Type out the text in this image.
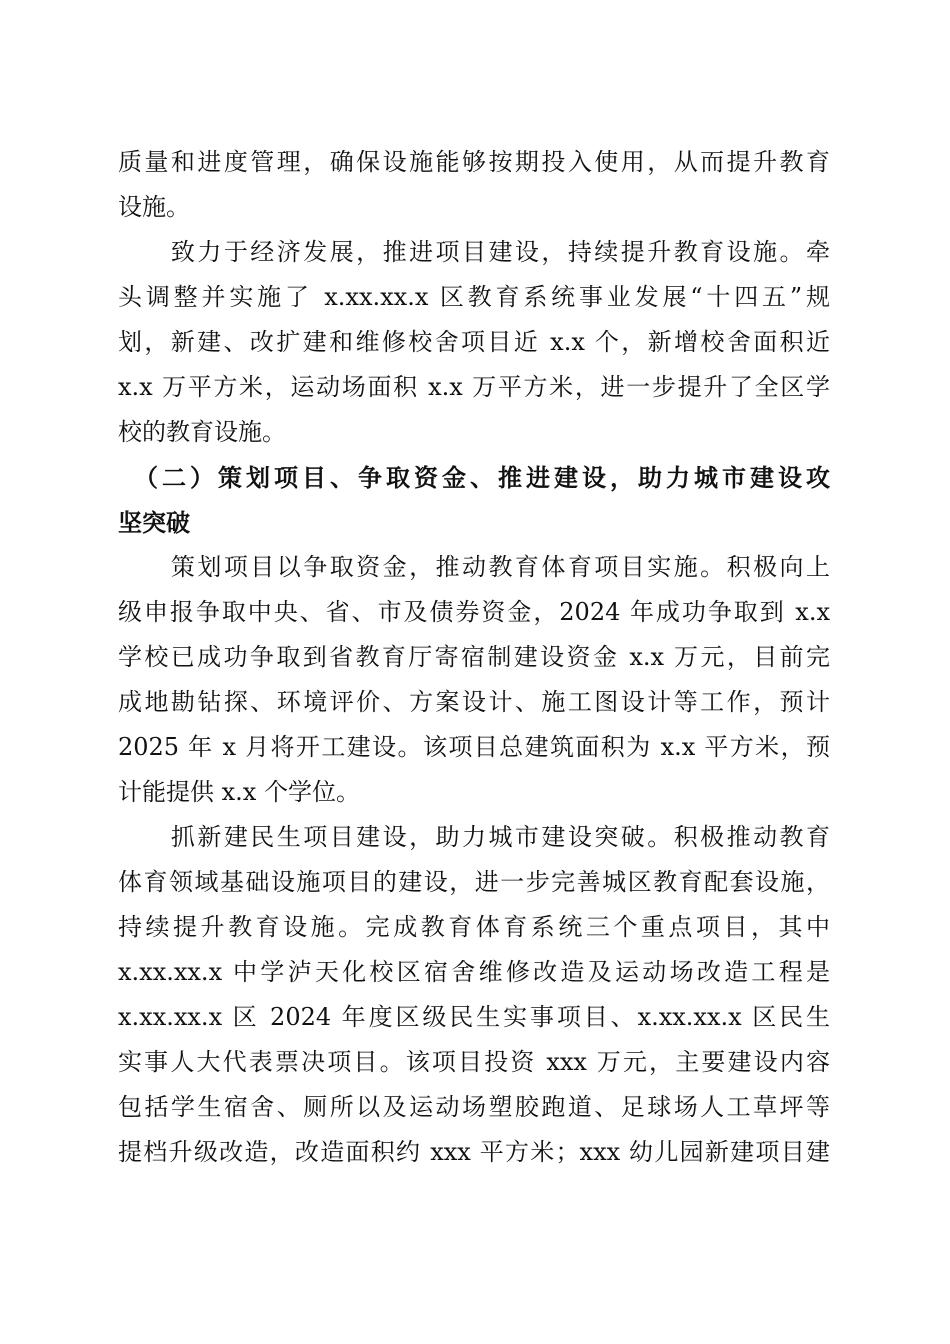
质量和进度管理，确保设施能够按期投入使用，从而提升教育
设施。
　　致力于经济发展，推进项目建设，持续提升教育设施。牵
头调整并实施了 x.xx.xx.x 区教育系统事业发展“十四五”规
划，新建、改扩建和维修校舍项目近 x.x 个，新增校舍面积近
x.x 万平方米，运动场面积 x.x 万平方米，进一步提升了全区学
校的教育设施。
　（二）策划项目、争取资金、推进建设，助力城市建设攻
坚突破
　　策划项目以争取资金，推动教育体育项目实施。积极向上
级申报争取中央、省、市及债券资金，2024 年成功争取到 x.x
学校已成功争取到省教育厅寄宿制建设资金 x.x 万元，目前完
成地勘钻探、环境评价、方案设计、施工图设计等工作，预计
2025 年 x 月将开工建设。该项目总建筑面积为 x.x 平方米，预
计能提供 x.x 个学位。
　　抓新建民生项目建设，助力城市建设突破。积极推动教育
体育领域基础设施项目的建设，进一步完善城区教育配套设施，
持续提升教育设施。完成教育体育系统三个重点项目，其中
x.xx.xx.x 中学泸天化校区宿舍维修改造及运动场改造工程是
x.xx.xx.x 区 2024 年度区级民生实事项目、x.xx.xx.x 区民生
实事人大代表票决项目。该项目投资 xxx 万元，主要建设内容
包括学生宿舍、厕所以及运动场塑胶跑道、足球场人工草坪等
提档升级改造，改造面积约 xxx 平方米；xxx 幼儿园新建项目建
